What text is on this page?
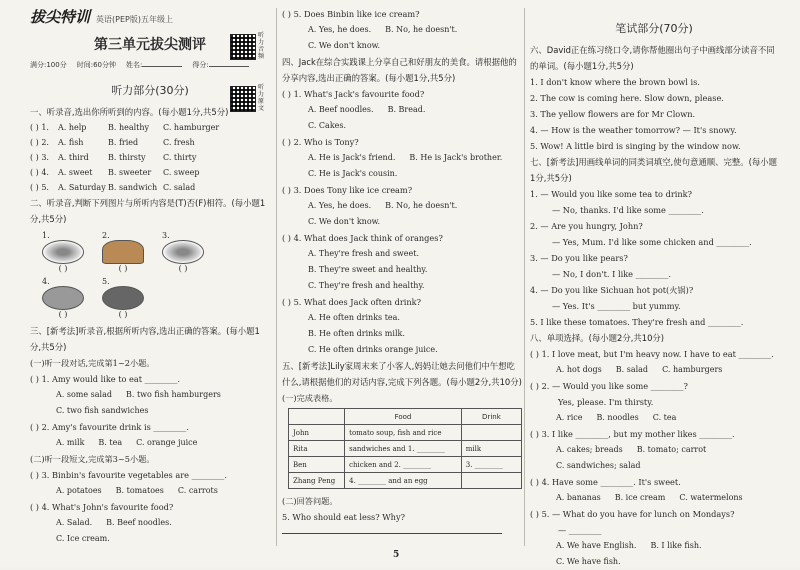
拔尖特训 英语(PEP版)五年级上
第三单元拔尖测评
听力音频
满分:100分 时间:60分钟 姓名:	得分:
听力原文
听力部分(30分)
一、听录音,选出你所听到的内容。(每小题1分,共5分)
( ) 1.	A. help	B. healthy	C. hamburger
( ) 2.	A. fish	B. fried	C. fresh
( ) 3.	A. third	B. thirsty	C. thirty
( ) 4.	A. sweet	B. sweeter	C. sweep
( ) 5.	A. Saturday B. sandwich C. salad
二、听录音,判断下列图片与所听内容是(T)否(F)相符。(每小题1分,共5分)
1.
( )
2.
( )
3.
( )
4.
( )
5.
( )
三、[新考法]听录音,根据所听内容,选出正确的答案。(每小题1分,共5分)
(一)听一段对话,完成第1~2小题。
( ) 1. Amy would like to eat ________.
A. some salad B. two fish hamburgers
C. two fish sandwiches
( ) 2. Amy's favourite drink is ________.
A. milk B. tea C. orange juice
(二)听一段短文,完成第3~5小题。
( ) 3. Binbin's favourite vegetables are ________.
A. potatoes B. tomatoes C. carrots
( ) 4. What's John's favourite food?
A. Salad. B. Beef noodles.
C. Ice cream.
( ) 5. Does Binbin like ice cream?
A. Yes, he does. B. No, he doesn't.
C. We don't know.
四、Jack在综合实践课上分享自己和好朋友的美食。请根据他的分享内容,选出正确的答案。(每小题1分,共5分)
( ) 1. What's Jack's favourite food?
A. Beef noodles. B. Bread.
C. Cakes.
( ) 2. Who is Tony?
A. He is Jack's friend. B. He is Jack's brother.
C. He is Jack's cousin.
( ) 3. Does Tony like ice cream?
A. Yes, he does. B. No, he doesn't.
C. We don't know.
( ) 4. What does Jack think of oranges?
A. They're fresh and sweet.
B. They're sweet and healthy.
C. They're fresh and healthy.
( ) 5. What does Jack often drink?
A. He often drinks tea.
B. He often drinks milk.
C. He often drinks orange juice.
五、[新考法]Lily家周末来了小客人,妈妈让她去问他们中午想吃什么,请根据他们的对话内容,完成下列各题。(每小题2分,共10分)
(一)完成表格。
	Food	Drink
John	tomato soup, fish and rice	
Rita	sandwiches and 1. ________	milk
Ben	chicken and 2. ________	3. ________
Zhang Peng	4. ________ and an egg	
(二)回答问题。
5. Who should eat less? Why?
笔试部分(70分)
六、David正在练习绕口令,请你帮他圈出句子中画线部分读音不同的单词。(每小题1分,共5分)
1. I don't know where the brown bowl is.
2. The cow is coming here. Slow down, please.
3. The yellow flowers are for Mr Clown.
4. — How is the weather tomorrow? — It's snowy.
5. Wow! A little bird is singing by the window now.
七、[新考法]用画线单词的同类词填空,使句意通顺、完整。(每小题1分,共5分)
1. — Would you like some tea to drink?
— No, thanks. I'd like some ________.
2. — Are you hungry, John?
— Yes, Mum. I'd like some chicken and ________.
3. — Do you like pears?
— No, I don't. I like ________.
4. — Do you like Sichuan hot pot(火锅)?
— Yes. It's ________ but yummy.
5. I like these tomatoes. They're fresh and ________.
八、单项选择。(每小题2分,共10分)
( ) 1. I love meat, but I'm heavy now. I have to eat ________.
A. hot dogs B. salad C. hamburgers
( ) 2. — Would you like some ________?
Yes, please. I'm thirsty.
A. rice B. noodles C. tea
( ) 3. I like ________, but my mother likes ________.
A. cakes; breads B. tomato; carrot
C. sandwiches; salad
( ) 4. Have some ________. It's sweet.
A. bananas B. ice cream C. watermelons
( ) 5. — What do you have for lunch on Mondays?
— ________
A. We have English. B. I like fish.
C. We have fish.
5
